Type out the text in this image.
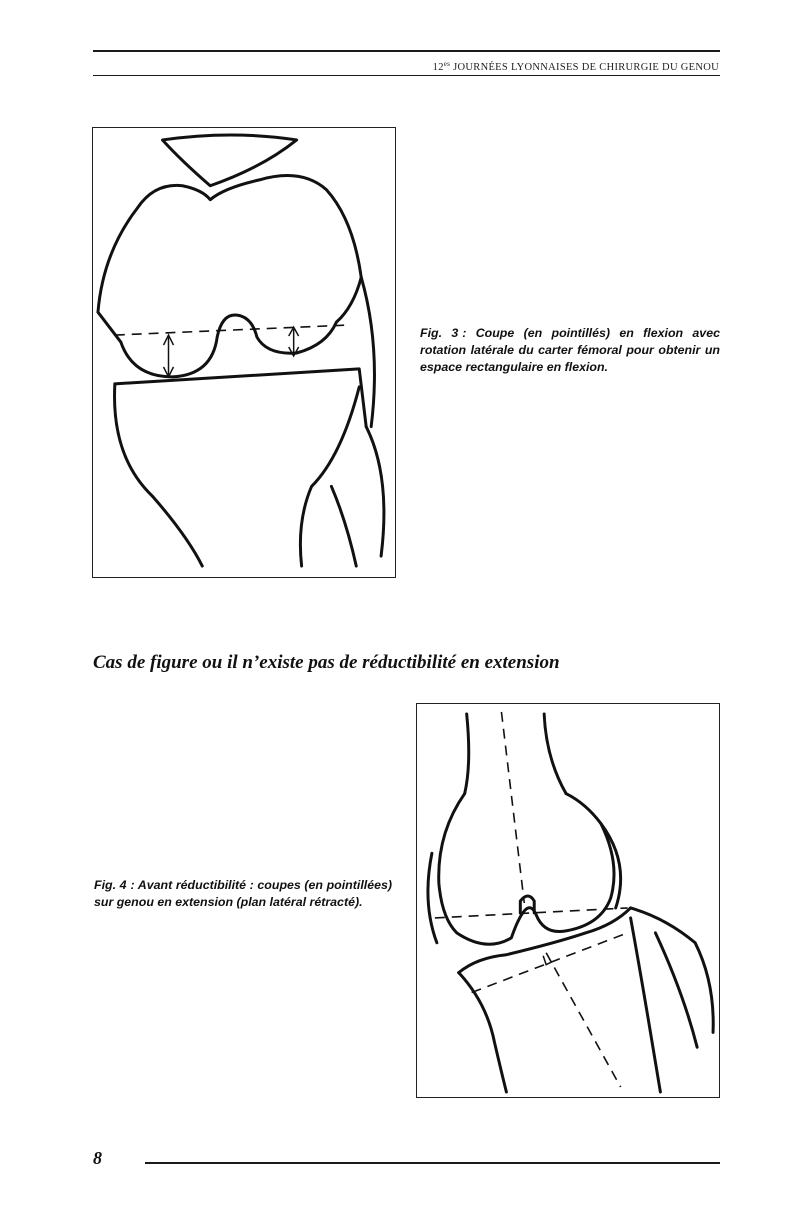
$12^{es}$ JOURNÉES LYONNAISES DE CHIRURGIE DU GENOU
Fig. 3 : Coupe (en pointillés) en flexion avec rotation latérale du carter fémoral pour obtenir un espace rectangulaire en flexion.
Cas de figure ou il n’existe pas de réductibilité en extension
Fig. 4 : Avant réductibilité : coupes (en pointillées) sur genou en extension (plan latéral rétracté).
8
